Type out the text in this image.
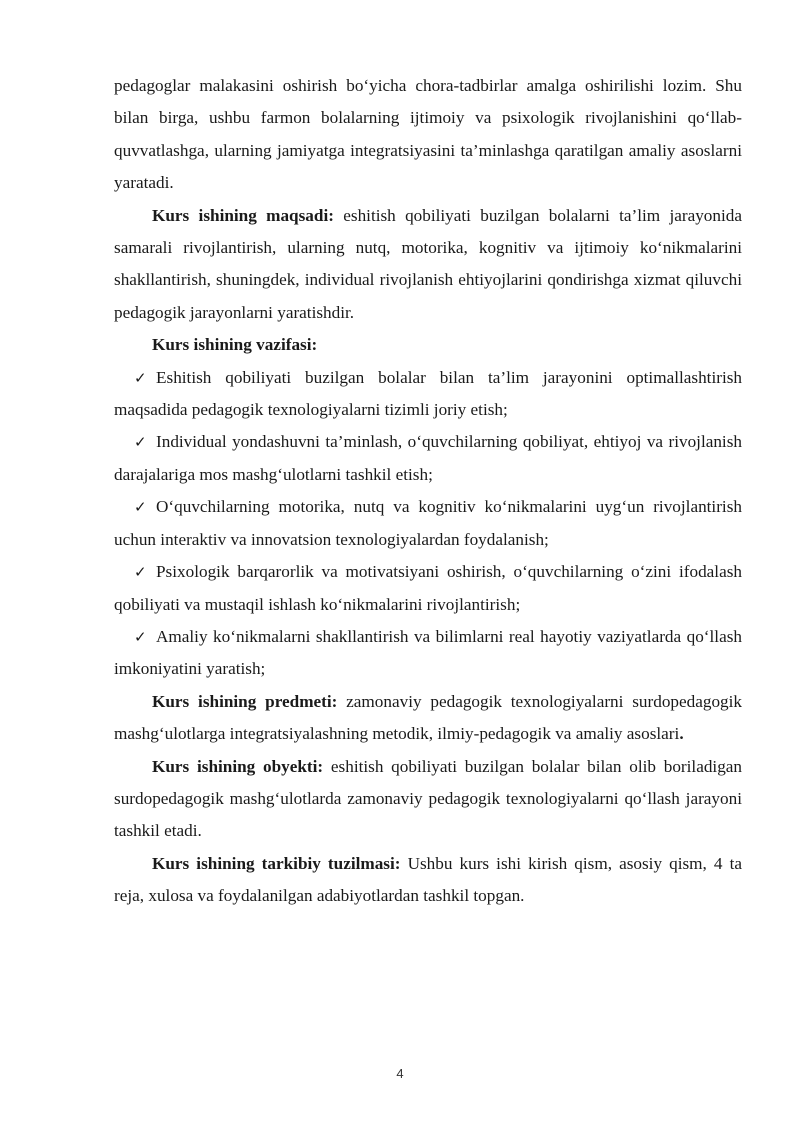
pedagoglar malakasini oshirish bo‘yicha chora-tadbirlar amalga oshirilishi lozim. Shu bilan birga, ushbu farmon bolalarning ijtimoiy va psixologik rivojlanishini qo‘llab-quvvatlashga, ularning jamiyatga integratsiyasini ta’minlashga qaratilgan amaliy asoslarni yaratadi.

Kurs ishining maqsadi: eshitish qobiliyati buzilgan bolalarni ta’lim jarayonida samarali rivojlantirish, ularning nutq, motorika, kognitiv va ijtimoiy ko‘nikmalarini shakllantirish, shuningdek, individual rivojlanish ehtiyojlarini qondirishga xizmat qiluvchi pedagogik jarayonlarni yaratishdir.

Kurs ishining vazifasi:

✓ Eshitish qobiliyati buzilgan bolalar bilan ta’lim jarayonini optimallashtirish maqsadida pedagogik texnologiyalarni tizimli joriy etish;

✓ Individual yondashuvni ta’minlash, o‘quvchilarning qobiliyat, ehtiyoj va rivojlanish darajalariga mos mashg‘ulotlarni tashkil etish;

✓ O‘quvchilarning motorika, nutq va kognitiv ko‘nikmalarini uyg‘un rivojlantirish uchun interaktiv va innovatsion texnologiyalardan foydalanish;

✓ Psixologik barqarorlik va motivatsiyani oshirish, o‘quvchilarning o‘zini ifodalash qobiliyati va mustaqil ishlash ko‘nikmalarini rivojlantirish;

✓ Amaliy ko‘nikmalarni shakllantirish va bilimlarni real hayotiy vaziyatlarda qo‘llash imkoniyatini yaratish;

Kurs ishining predmeti: zamonaviy pedagogik texnologiyalarni surdopedagogik mashg‘ulotlarga integratsiyalashning metodik, ilmiy-pedagogik va amaliy asoslari.

Kurs ishining obyekti: eshitish qobiliyati buzilgan bolalar bilan olib boriladigan surdopedagogik mashg‘ulotlarda zamonaviy pedagogik texnologiyalarni qo‘llash jarayoni tashkil etadi.

Kurs ishining tarkibiy tuzilmasi: Ushbu kurs ishi kirish qism, asosiy qism, 4 ta reja, xulosa va foydalanilgan adabiyotlardan tashkil topgan.

4
